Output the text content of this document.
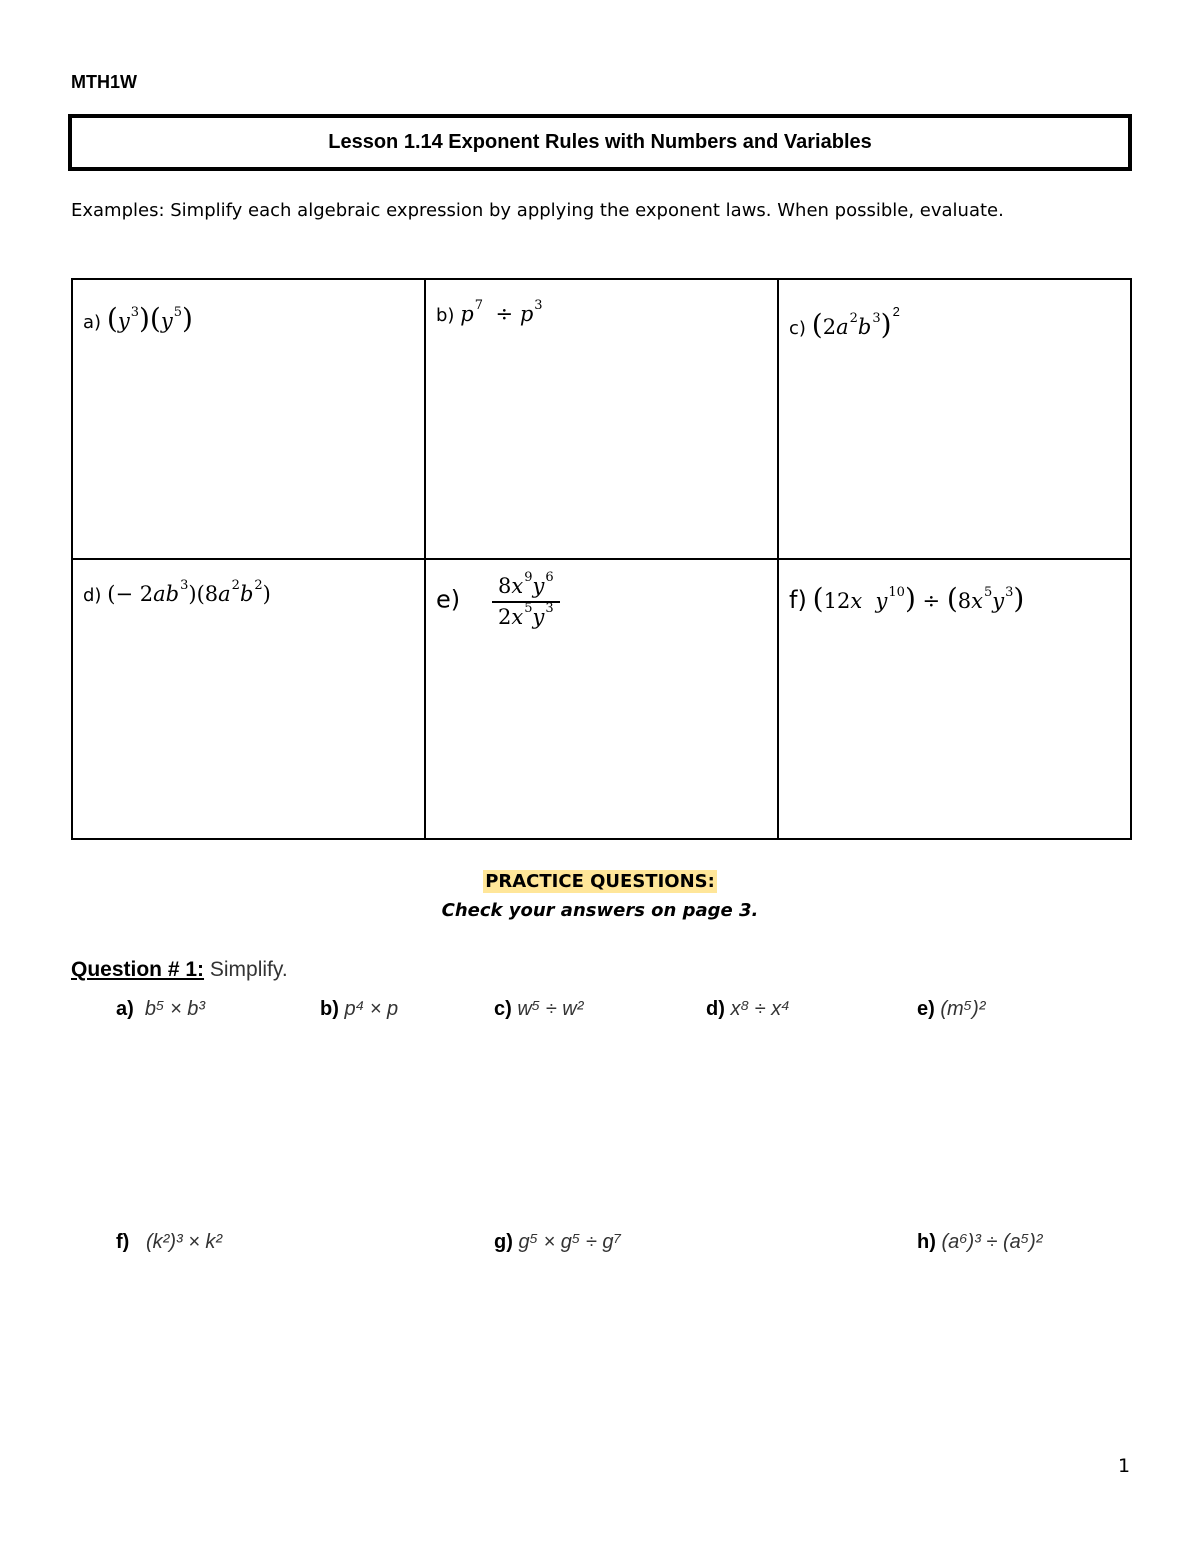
MTH1W
Lesson 1.14 Exponent Rules with Numbers and Variables
Examples: Simplify each algebraic expression by applying the exponent laws. When possible, evaluate.
a) $(y^3)(y^5)$	b) $p^7 \div p^3$	c) $(2a^2b^3)^2$

d) (− $2ab^3)(8a^2b^2)$	$e) \frac{8x^9y^6}{2x^5y^3}$	f) (12x  $y^{10}) \div (8x^5y^3)$
PRACTICE QUESTIONS:
Check your answers on page 3.
Question # 1: Simplify.
a) b⁵ × b³	b) p⁴ × p	c) w⁵ ÷ w²	d) x⁸ ÷ x⁴	e) (m⁵)²
f) (k²)³ × k²	g) g⁵ × g⁵ ÷ g⁷	h) (a⁶)³ ÷ (a⁵)²
1
